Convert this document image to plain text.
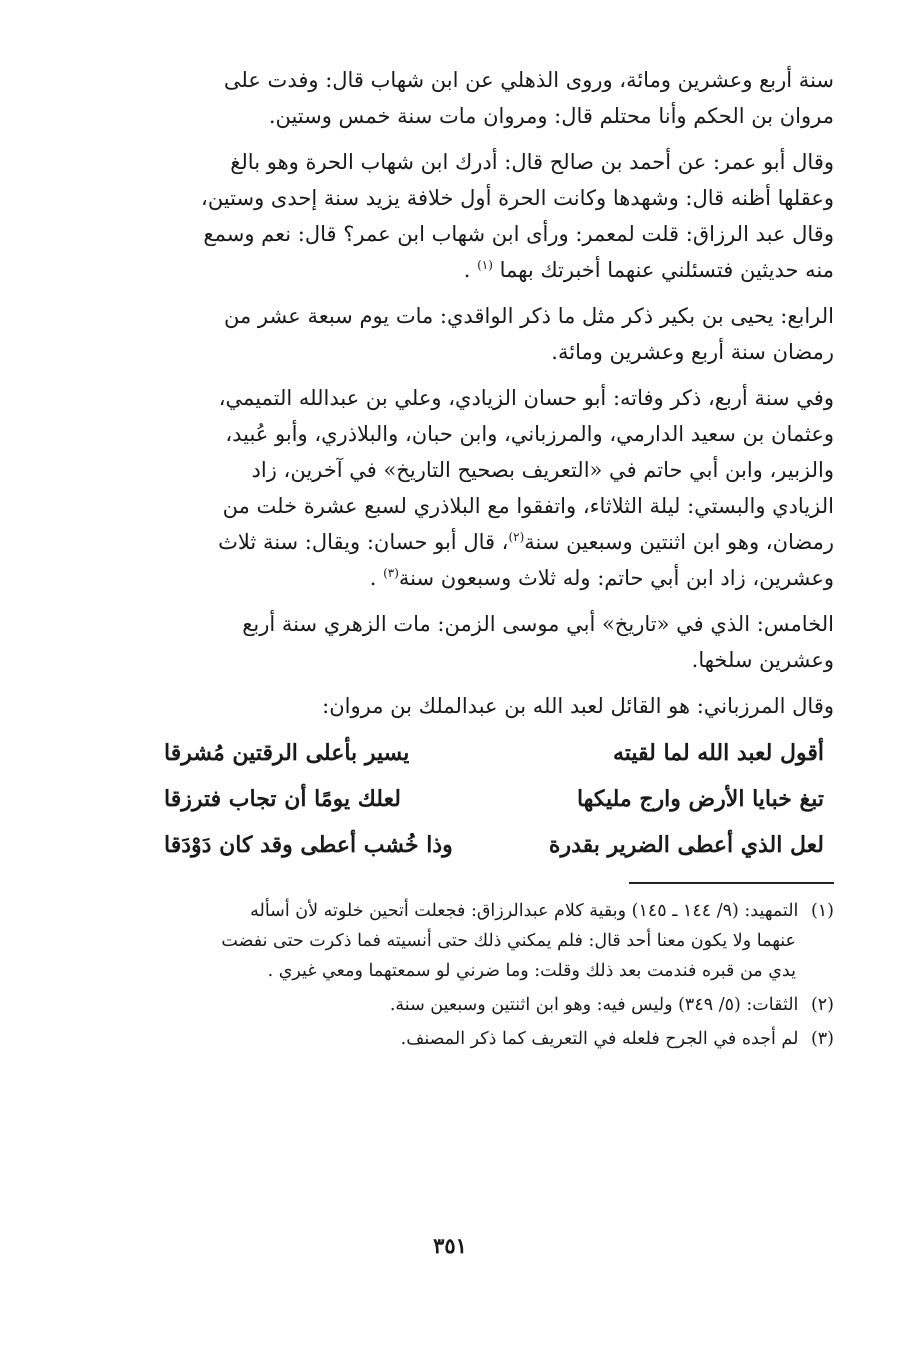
سنة أربع وعشرين ومائة، وروى الذهلي عن ابن شهاب قال: وفدت على
مروان بن الحكم وأنا محتلم قال: ومروان مات سنة خمس وستين.
وقال أبو عمر: عن أحمد بن صالح قال: أدرك ابن شهاب الحرة وهو بالغ
وعقلها أظنه قال: وشهدها وكانت الحرة أول خلافة يزيد سنة إحدى وستين،
وقال عبد الرزاق: قلت لمعمر: ورأى ابن شهاب ابن عمر؟ قال: نعم وسمع
منه حديثين فتسئلني عنهما أخبرتك بهما $^{(١)}$ .
الرابع: يحيى بن بكير ذكر مثل ما ذكر الواقدي: مات يوم سبعة عشر من
رمضان سنة أربع وعشرين ومائة.
وفي سنة أربع، ذكر وفاته: أبو حسان الزيادي، وعلي بن عبدالله التميمي،
وعثمان بن سعيد الدارمي، والمرزباني، وابن حبان، والبلاذري، وأبو عُبيد،
والزبير، وابن أبي حاتم في «التعريف بصحيح التاريخ» في آخرين، زاد
الزيادي والبستي: ليلة الثلاثاء، واتفقوا مع البلاذري لسبع عشرة خلت من
رمضان، وهو ابن اثنتين وسبعين سنة$^{(٢)}$، قال أبو حسان: ويقال: سنة ثلاث
وعشرين، زاد ابن أبي حاتم: وله ثلاث وسبعون سنة$^{(٣)}$ .
الخامس: الذي في «تاريخ» أبي موسى الزمن: مات الزهري سنة أربع
وعشرين سلخها.
وقال المرزباني: هو القائل لعبد الله بن عبدالملك بن مروان:
أقول لعبد الله لما لقيته
يسير بأعلى الرقتين مُشرقا
تبغ خبايا الأرض وارج مليكها
لعلك يومًا أن تجاب فترزقا
لعل الذي أعطى الضرير بقدرة
وذا خُشب أعطى وقد كان دَوْدَقا
(١) التمهيد: (٩/ ١٤٤ ـ ١٤٥) وبقية كلام عبدالرزاق: فجعلت أتحين خلوته لأن أسأله
عنهما ولا يكون معنا أحد قال: فلم يمكني ذلك حتى أنسيته فما ذكرت حتى نفضت
يدي من قبره فندمت بعد ذلك وقلت: وما ضرني لو سمعتهما ومعي غيري .
(٢) الثقات: (٥/ ٣٤٩) وليس فيه: وهو ابن اثنتين وسبعين سنة.
(٣) لم أجده في الجرح فلعله في التعريف كما ذكر المصنف.
٣٥١
